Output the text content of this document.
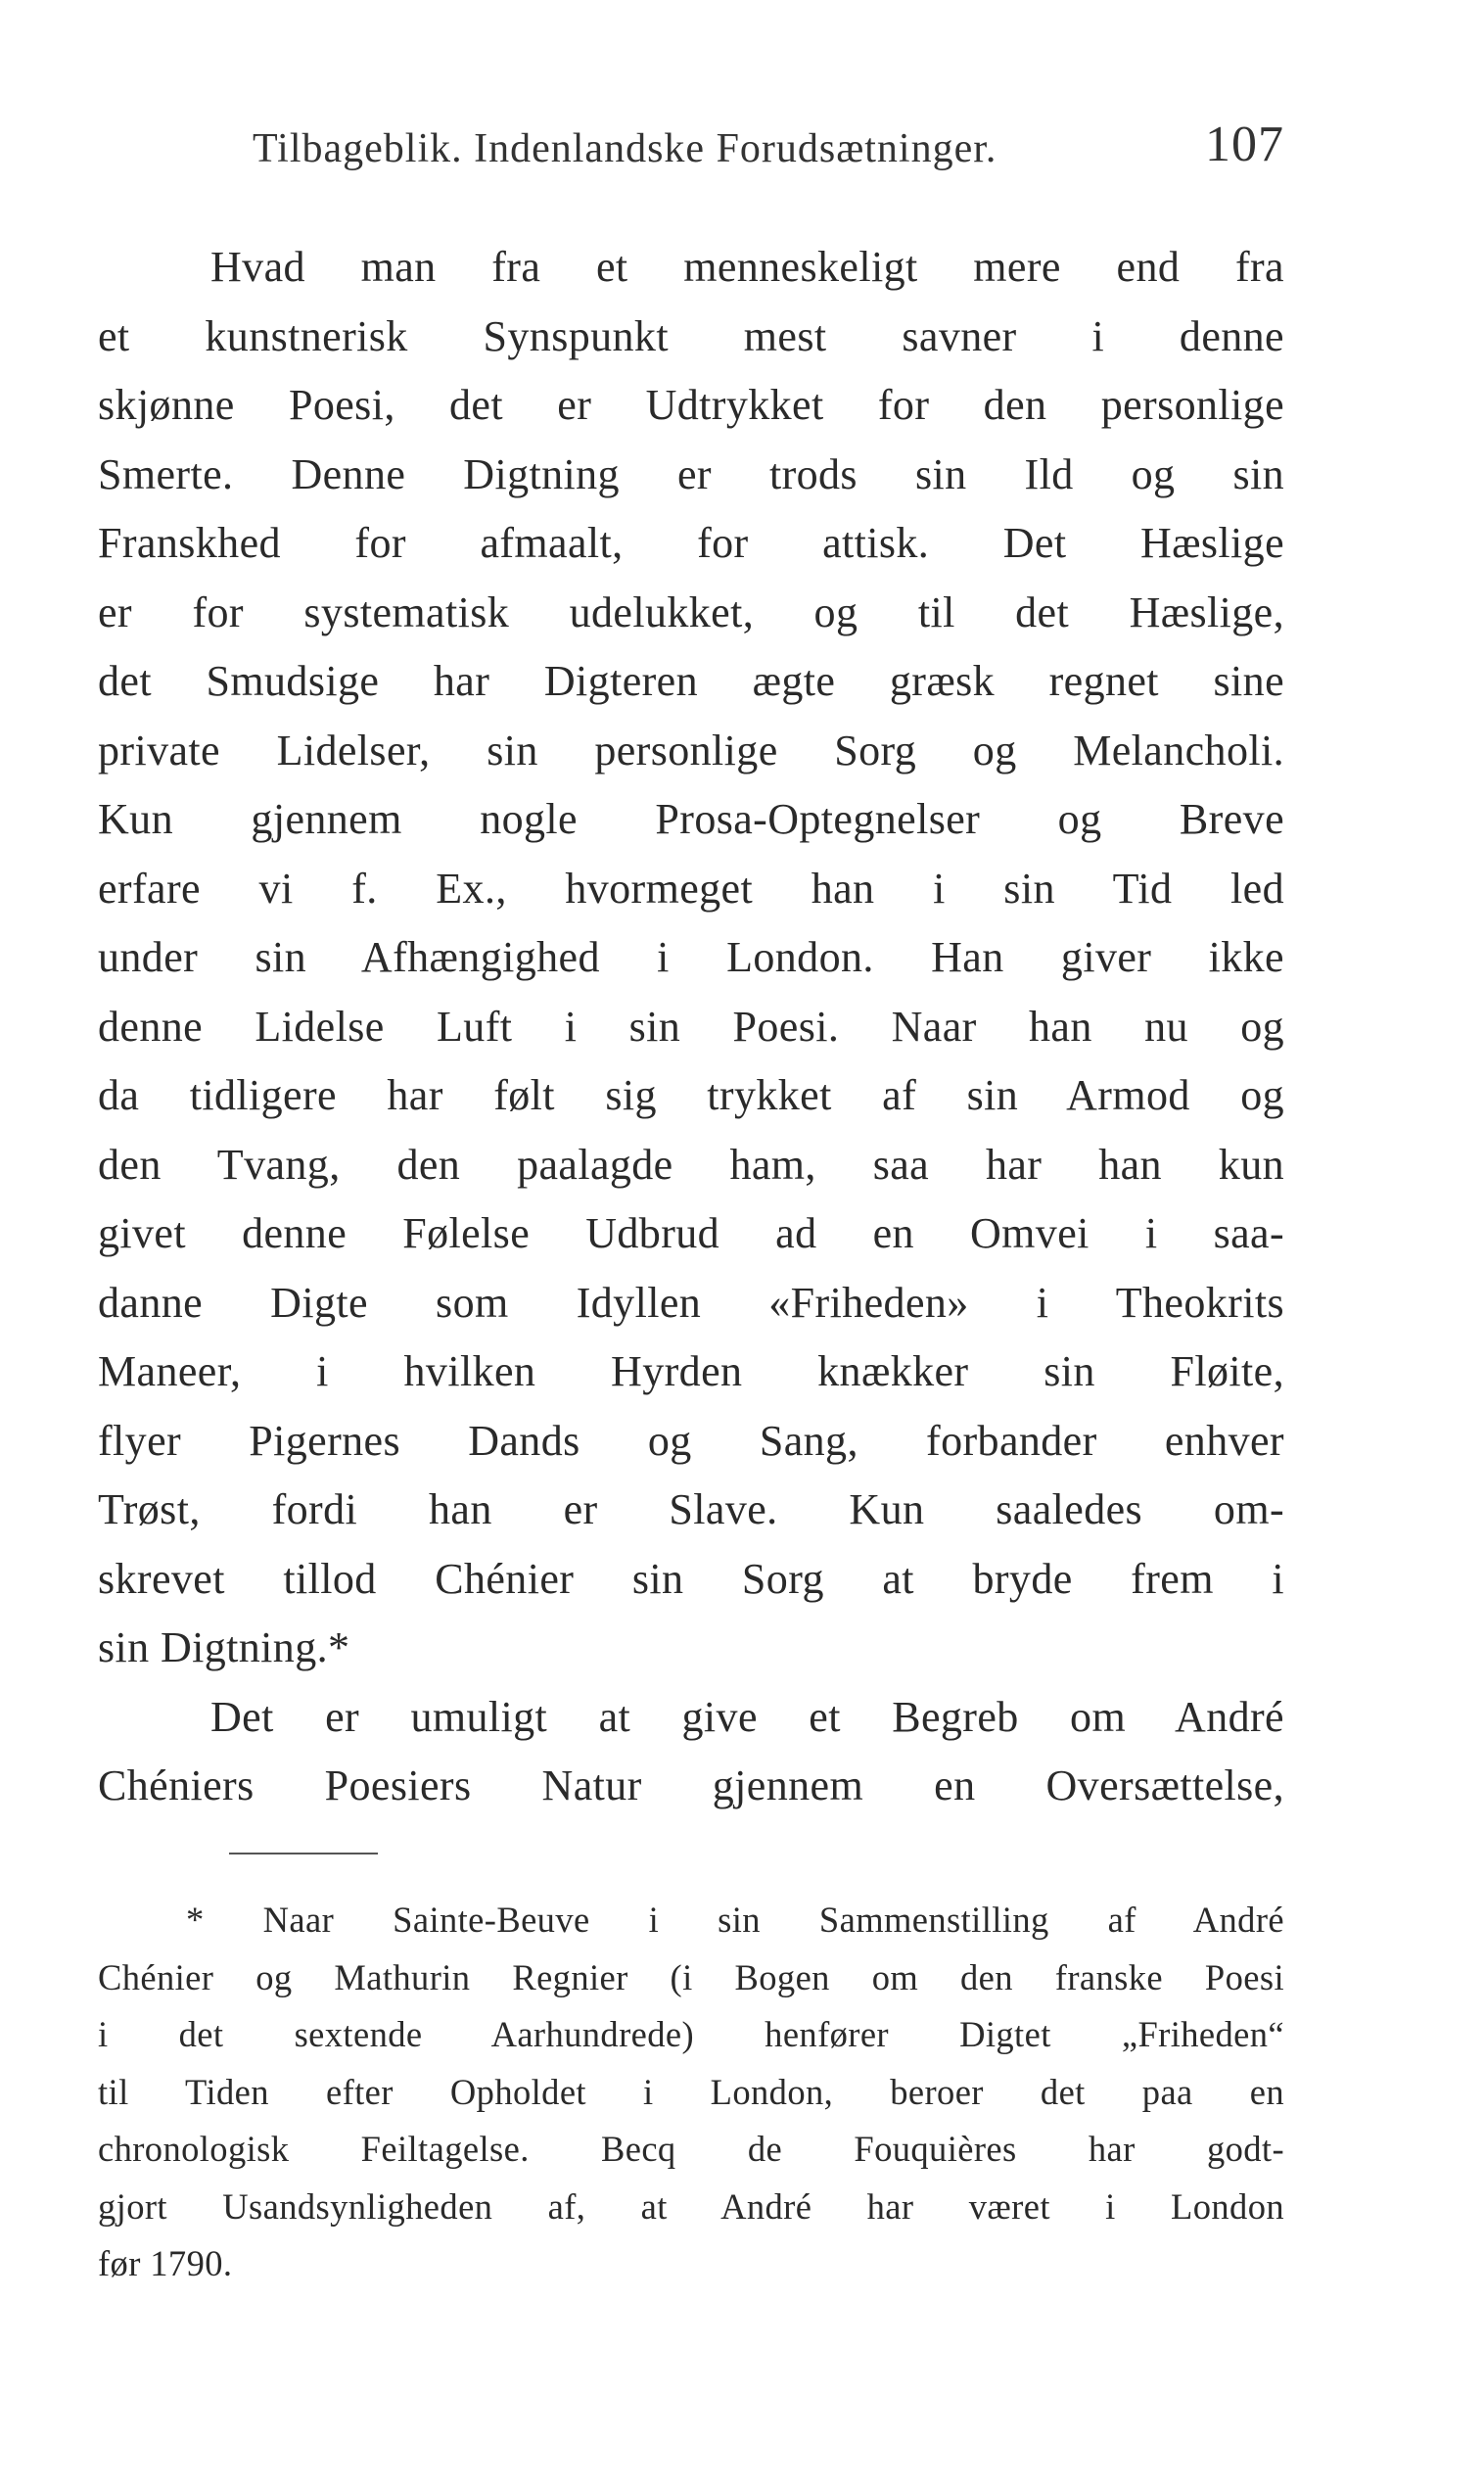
Tilbageblik. Indenlandske Forudsætninger.	107
Hvad man fra et menneskeligt mere end fra
et kunstnerisk Synspunkt mest savner i denne
skjønne Poesi, det er Udtrykket for den personlige
Smerte. Denne Digtning er trods sin Ild og sin
Franskhed for afmaalt, for attisk. Det Hæslige
er for systematisk udelukket, og til det Hæslige,
det Smudsige har Digteren ægte græsk regnet sine
private Lidelser, sin personlige Sorg og Melancholi.
Kun gjennem nogle Prosa-Optegnelser og Breve
erfare vi f. Ex., hvormeget han i sin Tid led
under sin Afhængighed i London. Han giver ikke
denne Lidelse Luft i sin Poesi. Naar han nu og
da tidligere har følt sig trykket af sin Armod og
den Tvang, den paalagde ham, saa har han kun
givet denne Følelse Udbrud ad en Omvei i saa-
danne Digte som Idyllen «Friheden» i Theokrits
Maneer, i hvilken Hyrden knækker sin Fløite,
flyer Pigernes Dands og Sang, forbander enhver
Trøst, fordi han er Slave. Kun saaledes om-
skrevet tillod Chénier sin Sorg at bryde frem i
sin Digtning.*
Det er umuligt at give et Begreb om André
Chéniers Poesiers Natur gjennem en Oversættelse,
* Naar Sainte-Beuve i sin Sammenstilling af André
Chénier og Mathurin Regnier (i Bogen om den franske Poesi
i det sextende Aarhundrede) henfører Digtet „Friheden“
til Tiden efter Opholdet i London, beroer det paa en
chronologisk Feiltagelse. Becq de Fouquières har godt-
gjort Usandsynligheden af, at André har været i London
før 1790.
